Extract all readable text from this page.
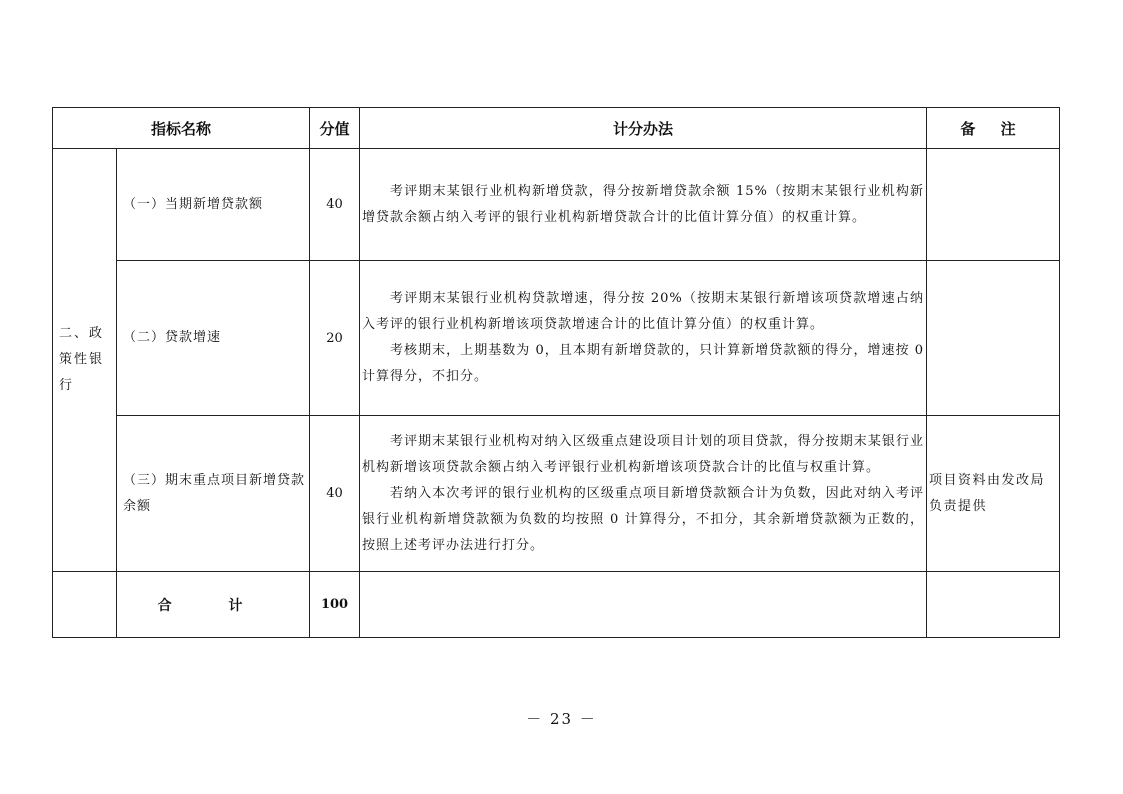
指标名称		分值	计分办法	备 注
二、政策性银行	（一）当期新增贷款额	40	考评期末某银行业机构新增贷款，得分按新增贷款余额 15%（按期末某银行业机构新增贷款余额占纳入考评的银行业机构新增贷款合计的比值计算分值）的权重计算。	

	（二）贷款增速	20	考评期末某银行业机构贷款增速，得分按 20%（按期末某银行新增该项贷款增速占纳入考评的银行业机构新增该项贷款增速合计的比值计算分值）的权重计算。

考核期末，上期基数为 0，且本期有新增贷款的，只计算新增贷款额的得分，增速按 0 计算得分，不扣分。	

	（三）期末重点项目新增贷款余额	40	考评期末某银行业机构对纳入区级重点建设项目计划的项目贷款，得分按期末某银行业机构新增该项贷款余额占纳入考评银行业机构新增该项贷款合计的比值与权重计算。

若纳入本次考评的银行业机构的区级重点项目新增贷款额合计为负数，因此对纳入考评银行业机构新增贷款额为负数的均按照 0 计算得分，不扣分，其余新增贷款额为正数的，按照上述考评办法进行打分。	项目资料由发改局负责提供
	合 计	100		
－ 23 －
